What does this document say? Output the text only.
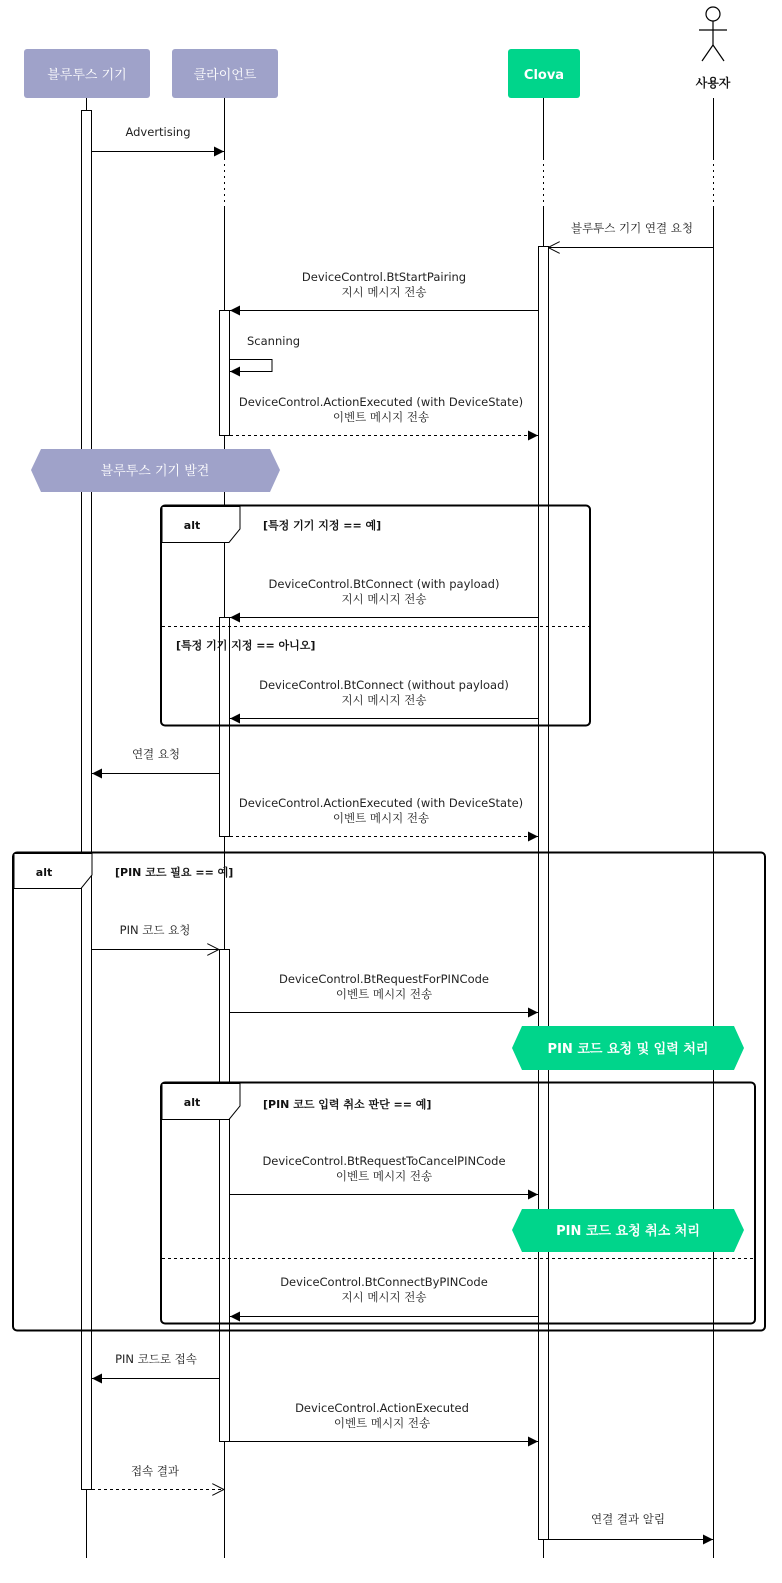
블루투스 기기	클라이언트	Clova	사용자
alt	[PIN 코드 필요 == 예]
alt	[특정 기기 지정 == 예]
[특정 기기 지정 == 아니오]
alt	[PIN 코드 입력 취소 판단 == 예]
블루투스 기기 발견
PIN 코드 요청 및 입력 처리
PIN 코드 요청 취소 처리
Advertising
블루투스 기기 연결 요청
DeviceControl.BtStartPairing
지시 메시지 전송
Scanning
DeviceControl.ActionExecuted (with DeviceState)
이벤트 메시지 전송
DeviceControl.BtConnect (with payload)
지시 메시지 전송
DeviceControl.BtConnect (without payload)
지시 메시지 전송
연결 요청
DeviceControl.ActionExecuted (with DeviceState)
이벤트 메시지 전송
PIN 코드 요청
DeviceControl.BtRequestForPINCode
이벤트 메시지 전송
DeviceControl.BtRequestToCancelPINCode
이벤트 메시지 전송
DeviceControl.BtConnectByPINCode
지시 메시지 전송
PIN 코드로 접속
DeviceControl.ActionExecuted
이벤트 메시지 전송
접속 결과
연결 결과 알림
